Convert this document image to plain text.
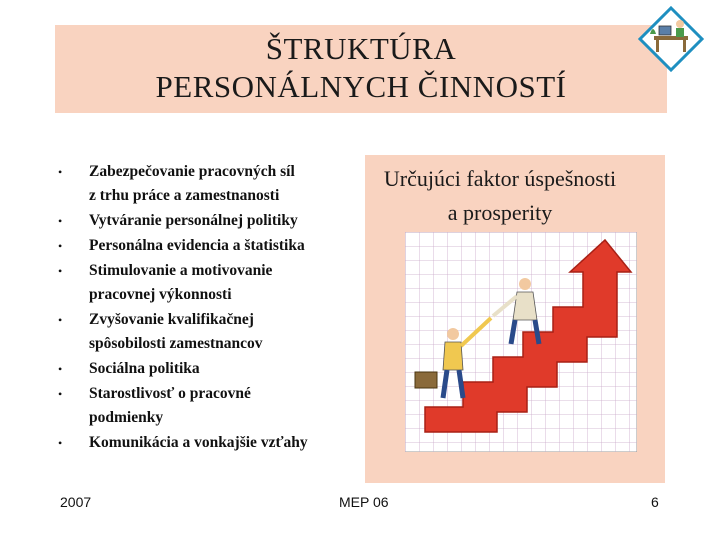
ŠTRUKTÚRA
PERSONÁLNYCH ČINNOSTÍ
• Zabezpečovanie pracovných síl
z trhu práce a zamestnanosti
• Vytváranie personálnej politiky
• Personálna evidencia a štatistika
• Stimulovanie a motivovanie
pracovnej výkonnosti
• Zvyšovanie kvalifikačnej
spôsobilosti zamestnancov
• Sociálna politika
• Starostlivosť o pracovné
podmienky
• Komunikácia a vonkajšie vzťahy
Určujúci faktor úspešnosti
a prosperity
2007	MEP 06	6
